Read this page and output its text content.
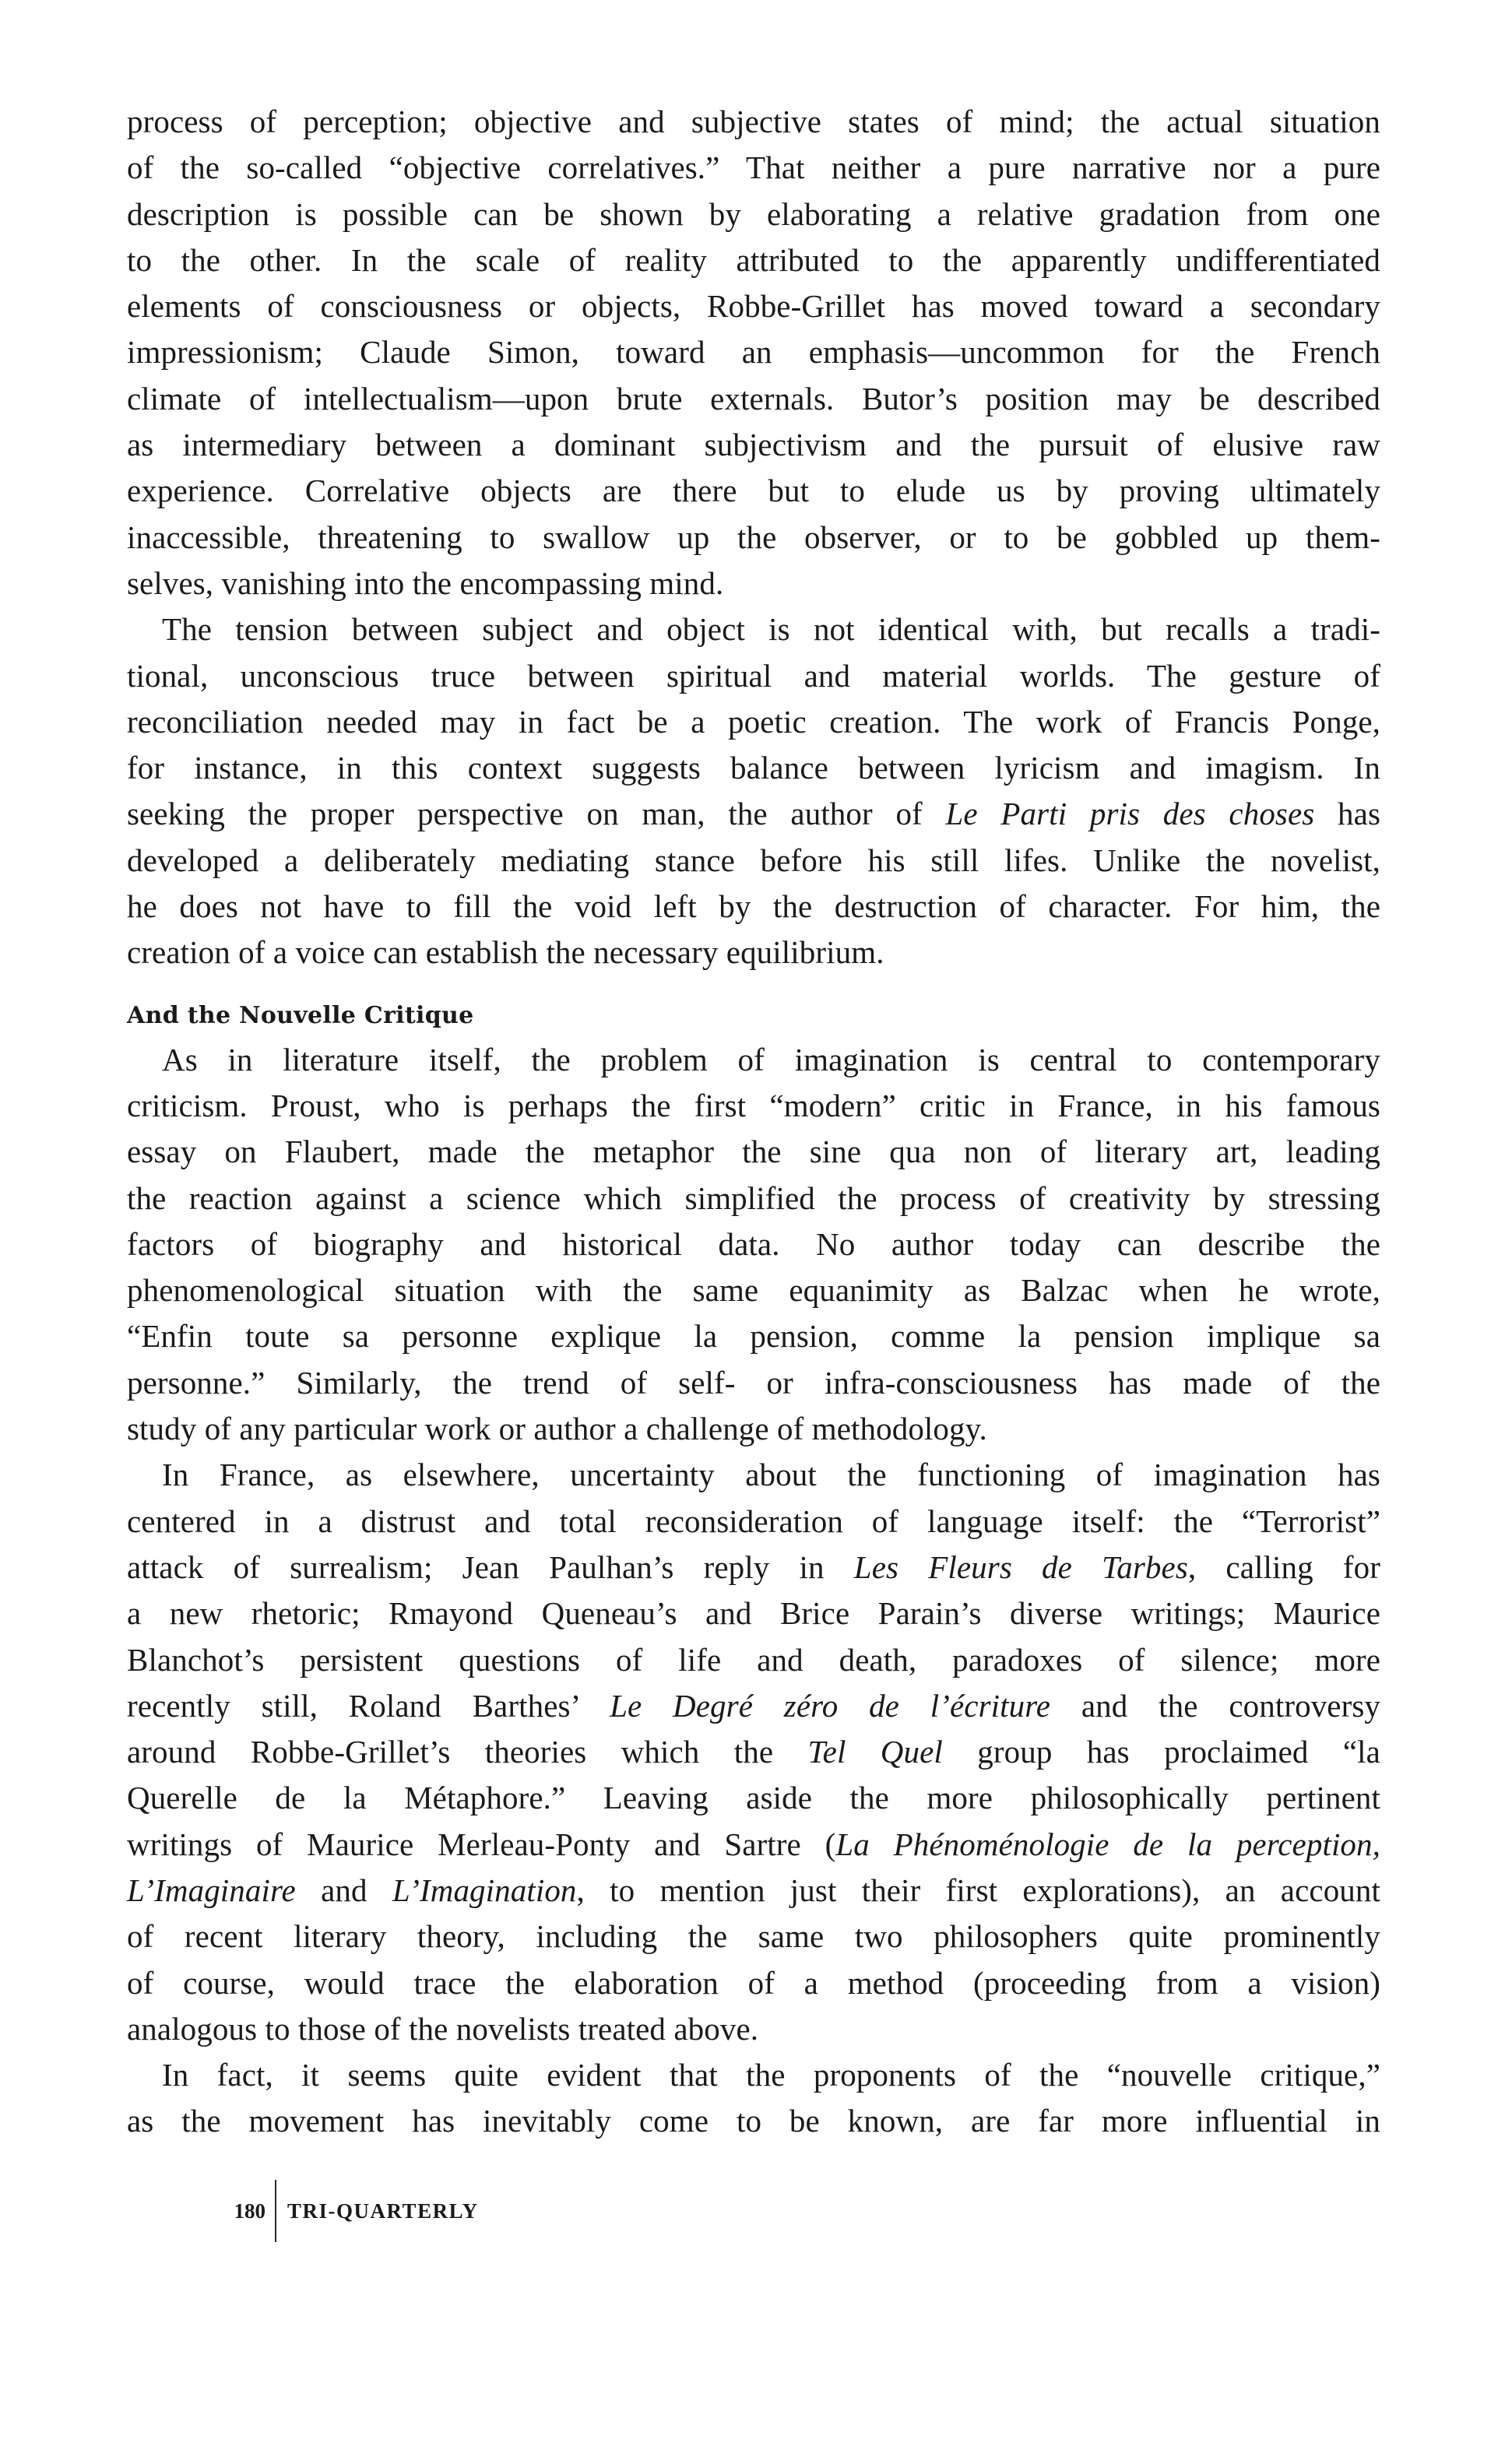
process of perception; objective and subjective states of mind; the actual situation
of the so-called “objective correlatives.” That neither a pure narrative nor a pure
description is possible can be shown by elaborating a relative gradation from one
to the other. In the scale of reality attributed to the apparently undifferentiated
elements of consciousness or objects, Robbe-Grillet has moved toward a secondary
impressionism; Claude Simon, toward an emphasis—uncommon for the French
climate of intellectualism—upon brute externals. Butor’s position may be described
as intermediary between a dominant subjectivism and the pursuit of elusive raw
experience. Correlative objects are there but to elude us by proving ultimately
inaccessible, threatening to swallow up the observer, or to be gobbled up them-
selves, vanishing into the encompassing mind.
The tension between subject and object is not identical with, but recalls a tradi-
tional, unconscious truce between spiritual and material worlds. The gesture of
reconciliation needed may in fact be a poetic creation. The work of Francis Ponge,
for instance, in this context suggests balance between lyricism and imagism. In
seeking the proper perspective on man, the author of Le Parti pris des choses has
developed a deliberately mediating stance before his still lifes. Unlike the novelist,
he does not have to fill the void left by the destruction of character. For him, the
creation of a voice can establish the necessary equilibrium.
And the Nouvelle Critique
As in literature itself, the problem of imagination is central to contemporary
criticism. Proust, who is perhaps the first “modern” critic in France, in his famous
essay on Flaubert, made the metaphor the sine qua non of literary art, leading
the reaction against a science which simplified the process of creativity by stressing
factors of biography and historical data. No author today can describe the
phenomenological situation with the same equanimity as Balzac when he wrote,
“Enfin toute sa personne explique la pension, comme la pension implique sa
personne.” Similarly, the trend of self- or infra-consciousness has made of the
study of any particular work or author a challenge of methodology.
In France, as elsewhere, uncertainty about the functioning of imagination has
centered in a distrust and total reconsideration of language itself: the “Terrorist”
attack of surrealism; Jean Paulhan’s reply in Les Fleurs de Tarbes, calling for
a new rhetoric; Rmayond Queneau’s and Brice Parain’s diverse writings; Maurice
Blanchot’s persistent questions of life and death, paradoxes of silence; more
recently still, Roland Barthes’ Le Degré zéro de l’écriture and the controversy
around Robbe-Grillet’s theories which the Tel Quel group has proclaimed “la
Querelle de la Métaphore.” Leaving aside the more philosophically pertinent
writings of Maurice Merleau-Ponty and Sartre (La Phénoménologie de la perception,
L’Imaginaire and L’Imagination, to mention just their first explorations), an account
of recent literary theory, including the same two philosophers quite prominently
of course, would trace the elaboration of a method (proceeding from a vision)
analogous to those of the novelists treated above.
In fact, it seems quite evident that the proponents of the “nouvelle critique,”
as the movement has inevitably come to be known, are far more influential in
180	TRI-QUARTERLY
